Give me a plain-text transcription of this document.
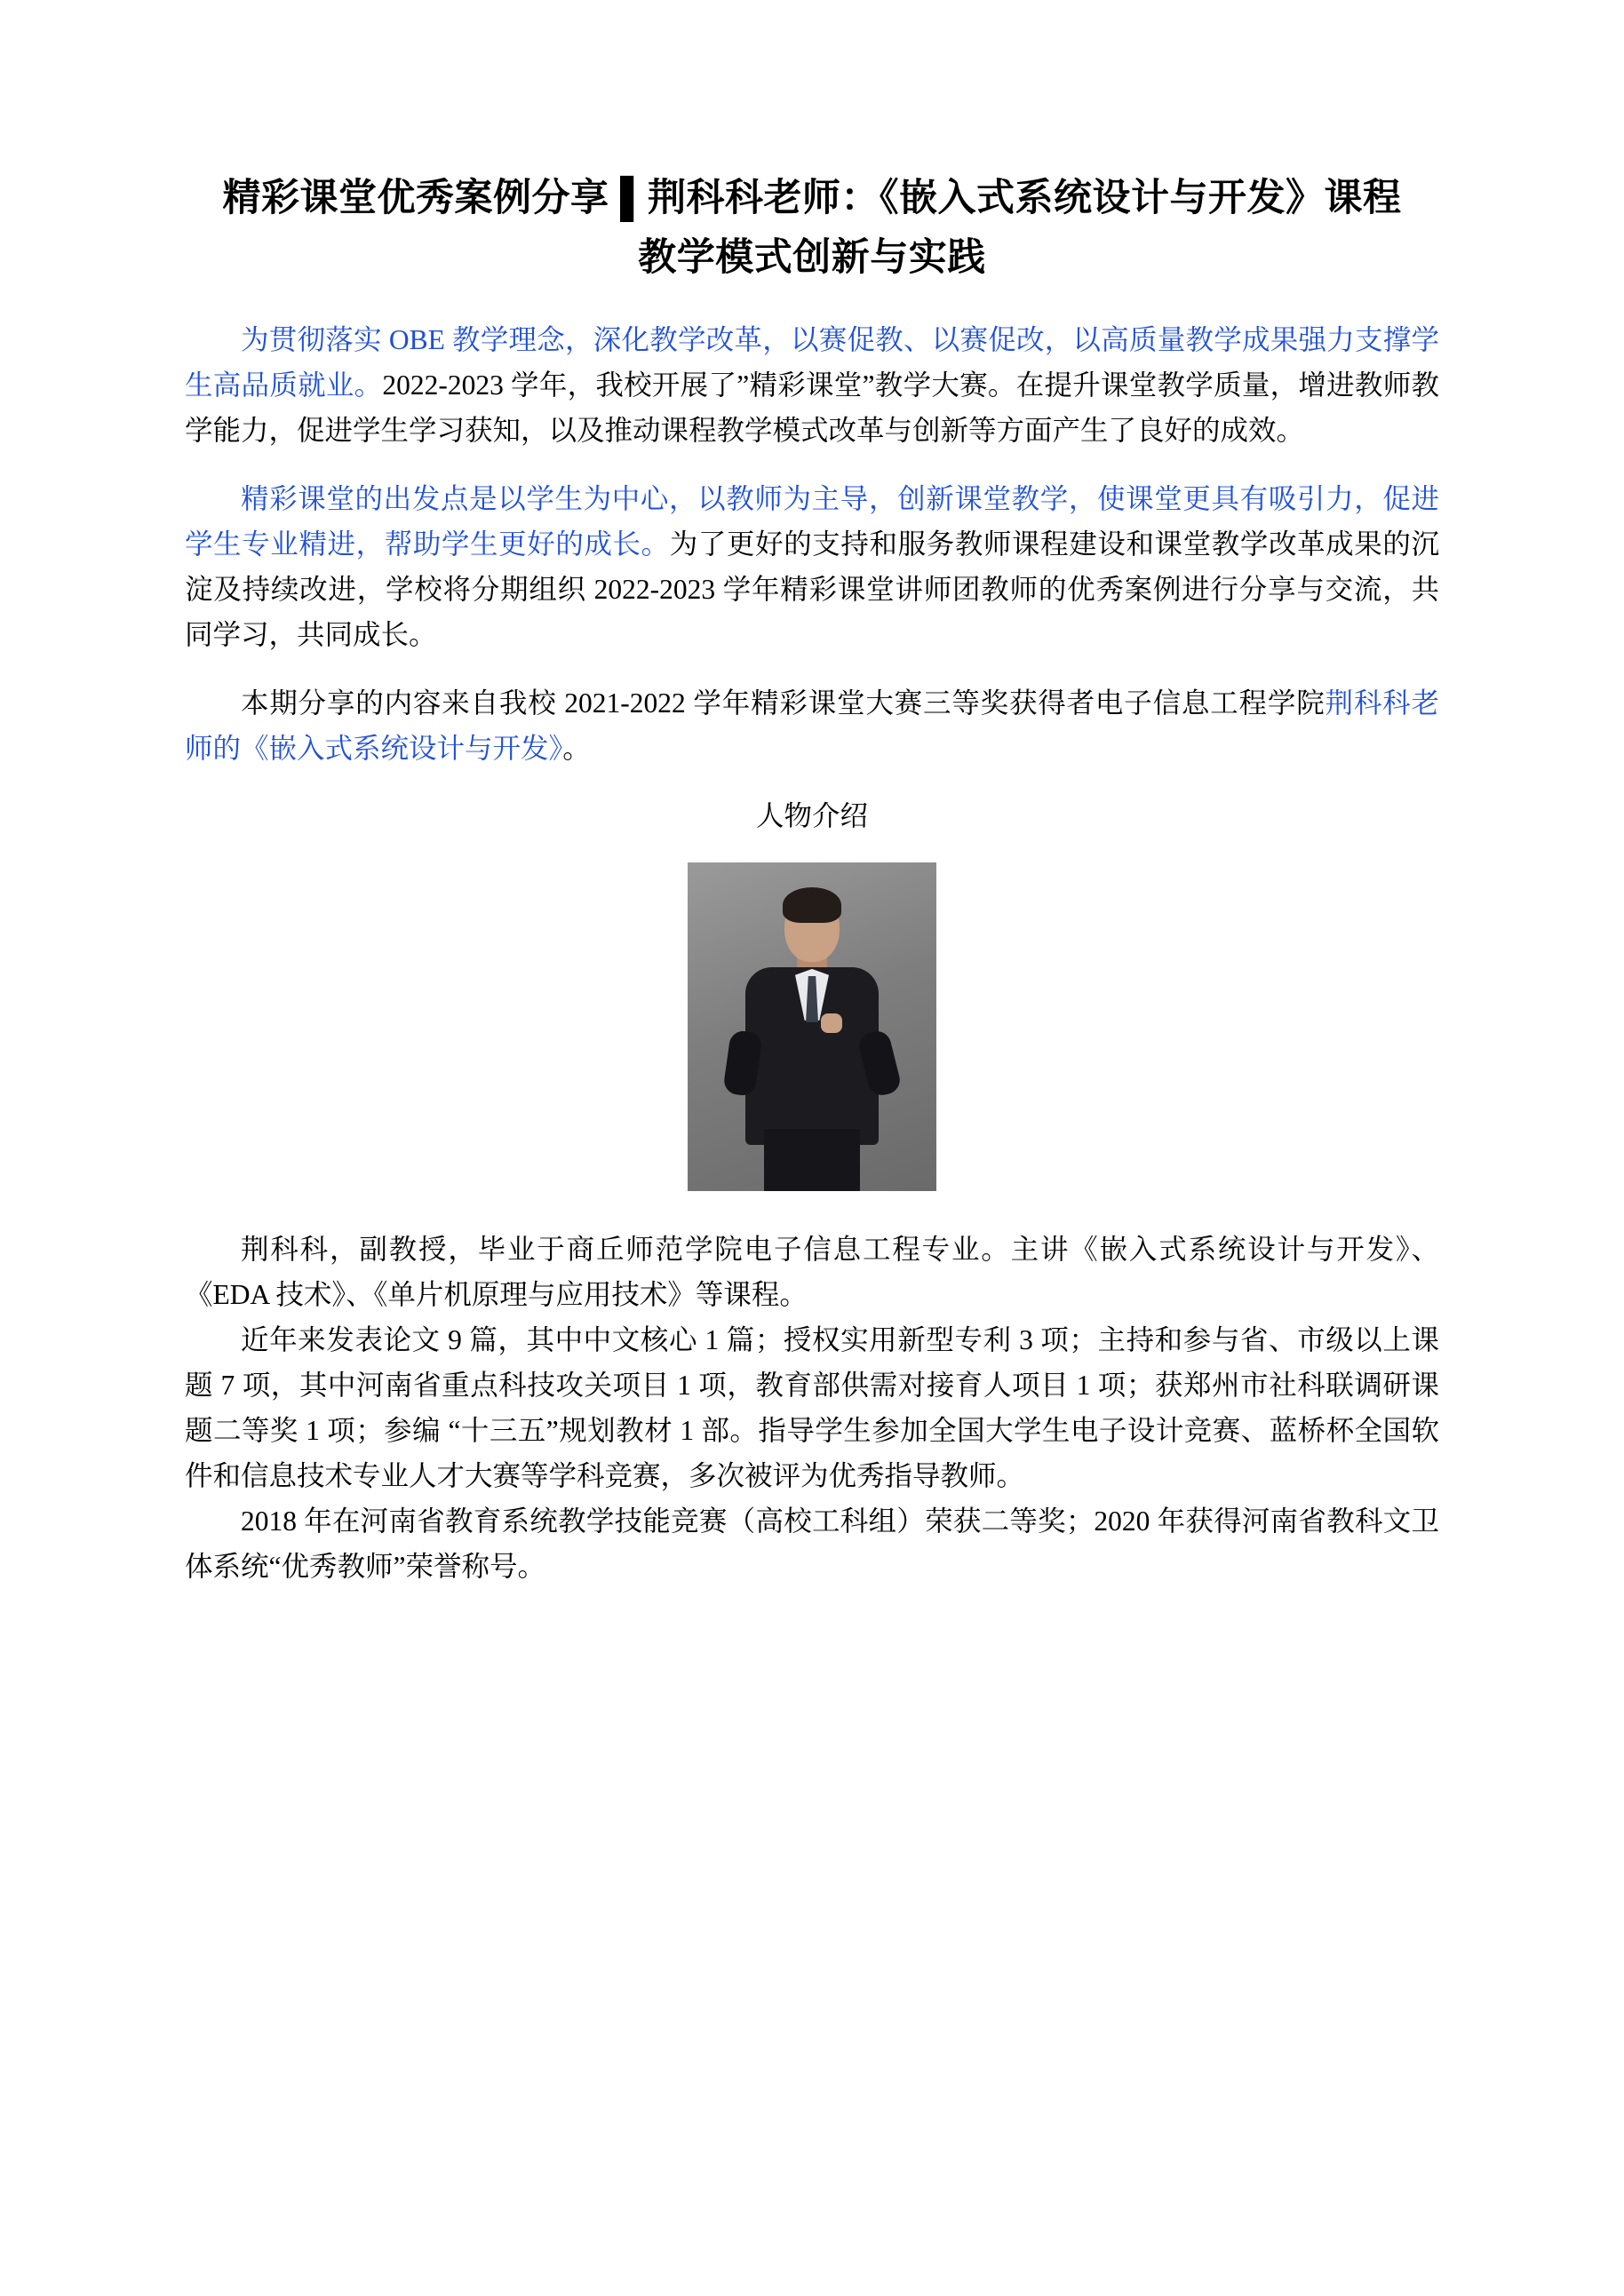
精彩课堂优秀案例分享 ▌荆科科老师：《嵌入式系统设计与开发》课程教学模式创新与实践

为贯彻落实 OBE 教学理念，深化教学改革，以赛促教、以赛促改，以高质量教学成果强力支撑学生高品质就业。2022-2023 学年，我校开展了”精彩课堂”教学大赛。在提升课堂教学质量，增进教师教学能力，促进学生学习获知，以及推动课程教学模式改革与创新等方面产生了良好的成效。

精彩课堂的出发点是以学生为中心，以教师为主导，创新课堂教学，使课堂更具有吸引力，促进学生专业精进，帮助学生更好的成长。为了更好的支持和服务教师课程建设和课堂教学改革成果的沉淀及持续改进，学校将分期组织 2022-2023 学年精彩课堂讲师团教师的优秀案例进行分享与交流，共同学习，共同成长。

本期分享的内容来自我校 2021-2022 学年精彩课堂大赛三等奖获得者电子信息工程学院荆科科老师的《嵌入式系统设计与开发》。

人物介绍

荆科科，副教授，毕业于商丘师范学院电子信息工程专业。主讲《嵌入式系统设计与开发》、《EDA 技术》、《单片机原理与应用技术》等课程。

近年来发表论文 9 篇，其中中文核心 1 篇；授权实用新型专利 3 项；主持和参与省、市级以上课题 7 项，其中河南省重点科技攻关项目 1 项，教育部供需对接育人项目 1 项；获郑州市社科联调研课题二等奖 1 项；参编 “十三五”规划教材 1 部。指导学生参加全国大学生电子设计竞赛、蓝桥杯全国软件和信息技术专业人才大赛等学科竞赛，多次被评为优秀指导教师。

2018 年在河南省教育系统教学技能竞赛（高校工科组）荣获二等奖；2020 年获得河南省教科文卫体系统“优秀教师”荣誉称号。
